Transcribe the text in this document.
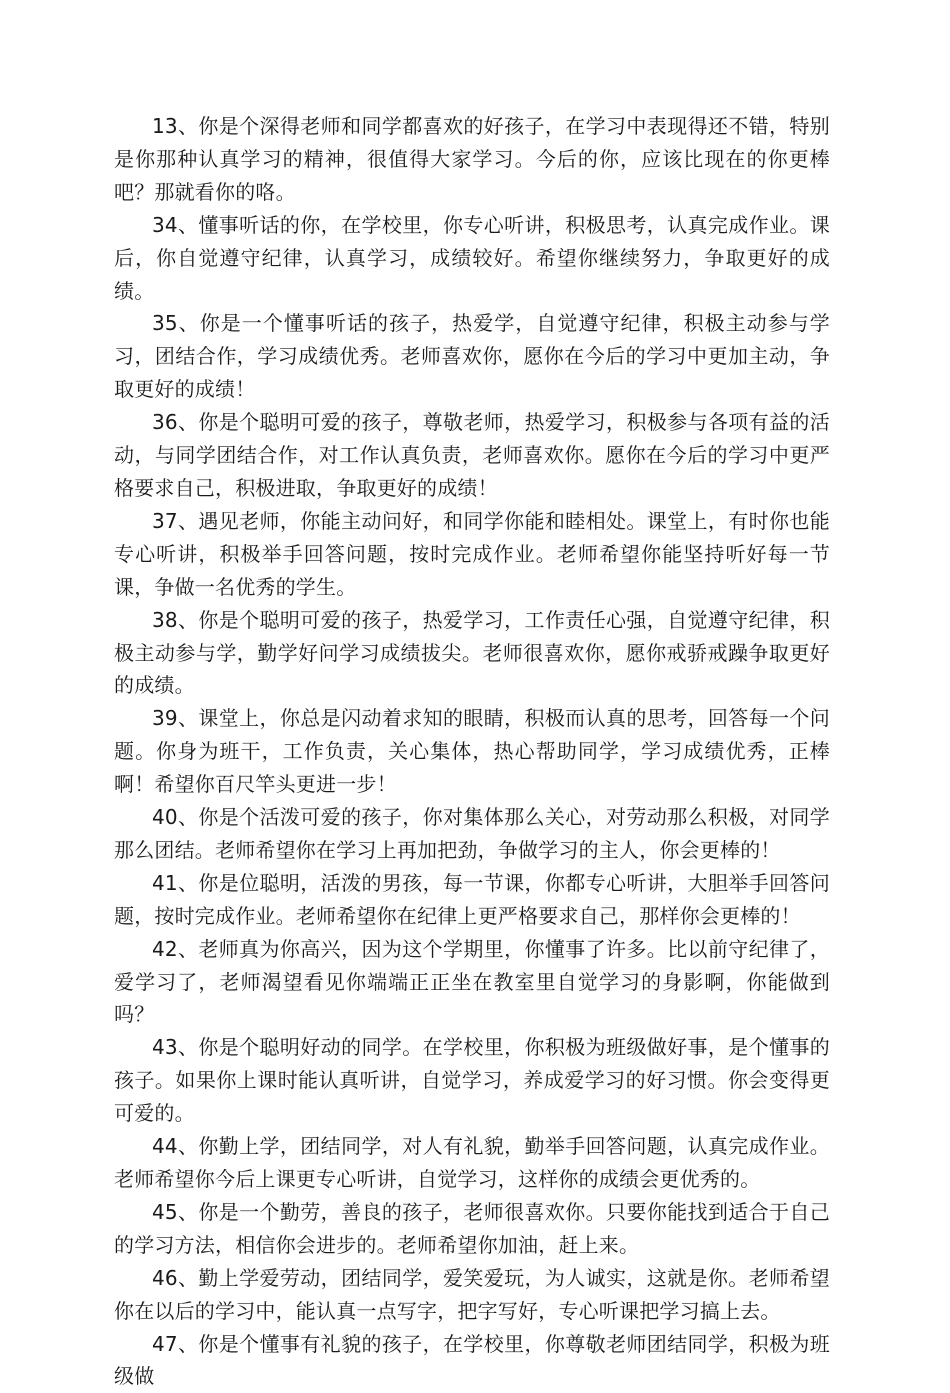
13、你是个深得老师和同学都喜欢的好孩子，在学习中表现得还不错，特别是你那种认真学习的精神，很值得大家学习。今后的你，应该比现在的你更棒吧？那就看你的咯。

34、懂事听话的你，在学校里，你专心听讲，积极思考，认真完成作业。课后，你自觉遵守纪律，认真学习，成绩较好。希望你继续努力，争取更好的成绩。

35、你是一个懂事听话的孩子，热爱学，自觉遵守纪律，积极主动参与学习，团结合作，学习成绩优秀。老师喜欢你，愿你在今后的学习中更加主动，争取更好的成绩！

36、你是个聪明可爱的孩子，尊敬老师，热爱学习，积极参与各项有益的活动，与同学团结合作，对工作认真负责，老师喜欢你。愿你在今后的学习中更严格要求自己，积极进取，争取更好的成绩！

37、遇见老师，你能主动问好，和同学你能和睦相处。课堂上，有时你也能专心听讲，积极举手回答问题，按时完成作业。老师希望你能坚持听好每一节课，争做一名优秀的学生。

38、你是个聪明可爱的孩子，热爱学习，工作责任心强，自觉遵守纪律，积极主动参与学，勤学好问学习成绩拔尖。老师很喜欢你，愿你戒骄戒躁争取更好的成绩。

39、课堂上，你总是闪动着求知的眼睛，积极而认真的思考，回答每一个问题。你身为班干，工作负责，关心集体，热心帮助同学，学习成绩优秀，正棒啊！希望你百尺竿头更进一步！

40、你是个活泼可爱的孩子，你对集体那么关心，对劳动那么积极，对同学那么团结。老师希望你在学习上再加把劲，争做学习的主人，你会更棒的！

41、你是位聪明，活泼的男孩，每一节课，你都专心听讲，大胆举手回答问题，按时完成作业。老师希望你在纪律上更严格要求自己，那样你会更棒的！

42、老师真为你高兴，因为这个学期里，你懂事了许多。比以前守纪律了，爱学习了，老师渴望看见你端端正正坐在教室里自觉学习的身影啊，你能做到吗？

43、你是个聪明好动的同学。在学校里，你积极为班级做好事，是个懂事的孩子。如果你上课时能认真听讲，自觉学习，养成爱学习的好习惯。你会变得更可爱的。

44、你勤上学，团结同学，对人有礼貌，勤举手回答问题，认真完成作业。老师希望你今后上课更专心听讲，自觉学习，这样你的成绩会更优秀的。

45、你是一个勤劳，善良的孩子，老师很喜欢你。只要你能找到适合于自己的学习方法，相信你会进步的。老师希望你加油，赶上来。

46、勤上学爱劳动，团结同学，爱笑爱玩，为人诚实，这就是你。老师希望你在以后的学习中，能认真一点写字，把字写好，专心听课把学习搞上去。

47、你是个懂事有礼貌的孩子，在学校里，你尊敬老师团结同学，积极为班级做
